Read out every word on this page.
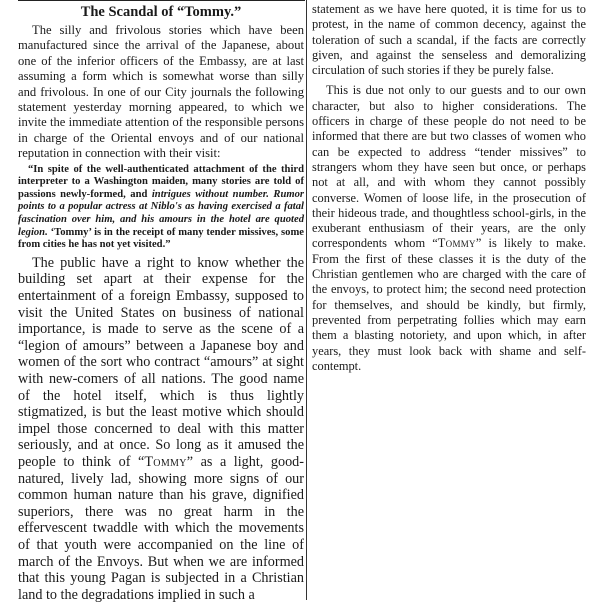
The Scandal of “Tommy.”

The silly and frivolous stories which have been manufactured since the arrival of the Japanese, about one of the inferior officers of the Embassy, are at last assuming a form which is somewhat worse than silly and frivolous. In one of our City journals the following statement yesterday morning appeared, to which we invite the immediate attention of the responsible persons in charge of the Oriental envoys and of our national reputation in connection with their visit:

“In spite of the well-authenticated attachment of the third interpreter to a Washington maiden, many stories are told of passions newly-formed, and intrigues without number. Rumor points to a popular actress at Niblo's as having exercised a fatal fascination over him, and his amours in the hotel are quoted legion. ‘Tommy’ is in the receipt of many tender missives, some from cities he has not yet visited.”

The public have a right to know whether the building set apart at their expense for the entertainment of a foreign Embassy, supposed to visit the United States on business of national importance, is made to serve as the scene of a “legion of amours” between a Japanese boy and women of the sort who contract “amours” at sight with new-comers of all nations. The good name of the hotel itself, which is thus lightly stigmatized, is but the least motive which should impel those concerned to deal with this matter seriously, and at once. So long as it amused the people to think of “Tommy” as a light, good-natured, lively lad, showing more signs of our common human nature than his grave, dignified superiors, there was no great harm in the effervescent twaddle with which the movements of that youth were accompanied on the line of march of the Envoys. But when we are informed that this young Pagan is subjected in a Christian land to the degradations implied in such a

statement as we have here quoted, it is time for us to protest, in the name of common decency, against the toleration of such a scandal, if the facts are correctly given, and against the senseless and demoralizing circulation of such stories if they be purely false.

This is due not only to our guests and to our own character, but also to higher considerations. The officers in charge of these people do not need to be informed that there are but two classes of women who can be expected to address “tender missives” to strangers whom they have seen but once, or perhaps not at all, and with whom they cannot possibly converse. Women of loose life, in the prosecution of their hideous trade, and thoughtless school-girls, in the exuberant enthusiasm of their years, are the only correspondents whom “Tommy” is likely to make. From the first of these classes it is the duty of the Christian gentlemen who are charged with the care of the envoys, to protect him; the second need protection for themselves, and should be kindly, but firmly, prevented from perpetrating follies which may earn them a blasting notoriety, and upon which, in after years, they must look back with shame and self-contempt.
